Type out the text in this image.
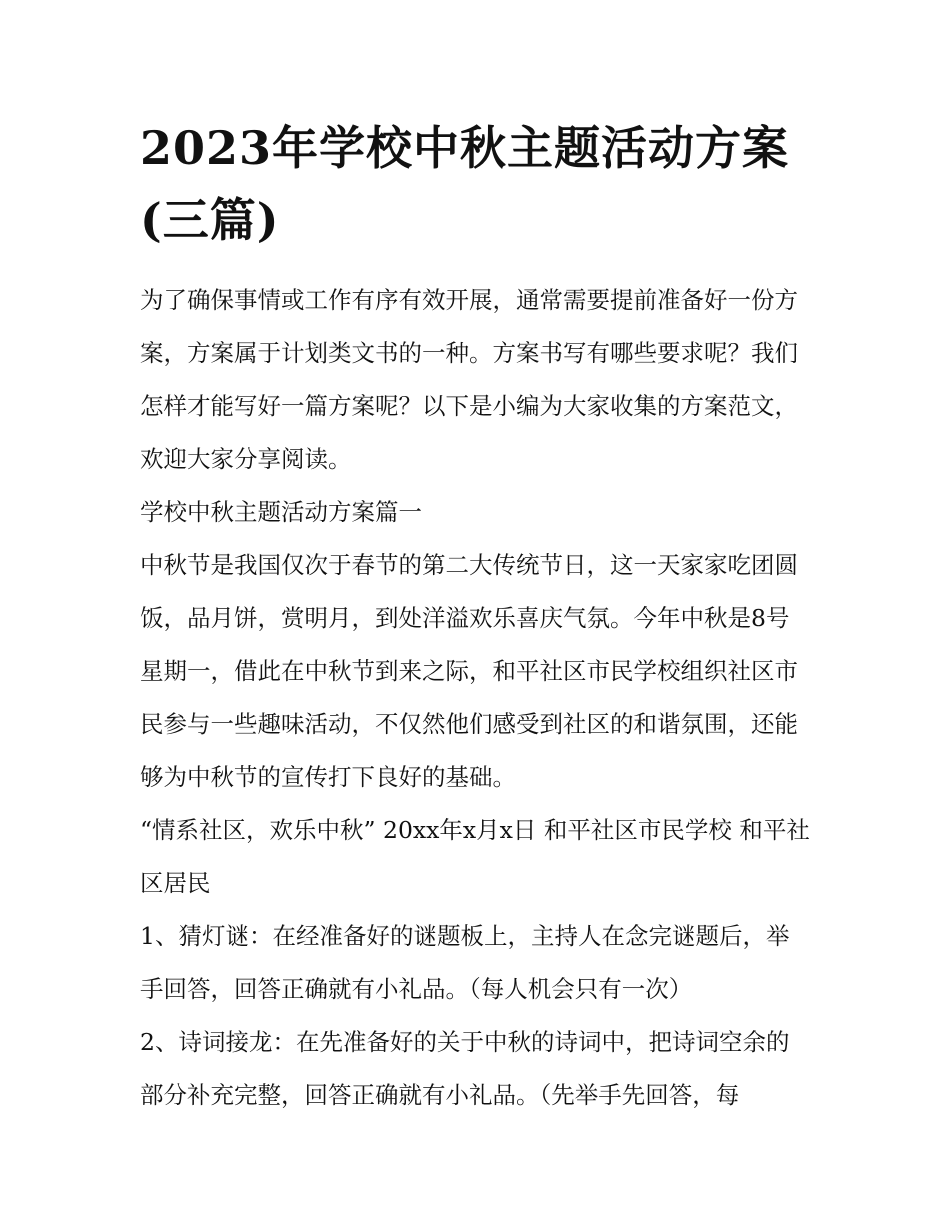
2023年学校中秋主题活动方案(三篇)

为了确保事情或工作有序有效开展，通常需要提前准备好一份方案，方案属于计划类文书的一种。方案书写有哪些要求呢？我们怎样才能写好一篇方案呢？以下是小编为大家收集的方案范文，欢迎大家分享阅读。

学校中秋主题活动方案篇一

中秋节是我国仅次于春节的第二大传统节日，这一天家家吃团圆饭，品月饼，赏明月，到处洋溢欢乐喜庆气氛。今年中秋是8号星期一，借此在中秋节到来之际，和平社区市民学校组织社区市民参与一些趣味活动，不仅然他们感受到社区的和谐氛围，还能够为中秋节的宣传打下良好的基础。

“情系社区，欢乐中秋” 20xx年x月x日 和平社区市民学校 和平社区居民

1、猜灯谜：在经准备好的谜题板上，主持人在念完谜题后，举手回答，回答正确就有小礼品。（每人机会只有一次）

2、诗词接龙：在先准备好的关于中秋的诗词中，把诗词空余的部分补充完整，回答正确就有小礼品。（先举手先回答，每
